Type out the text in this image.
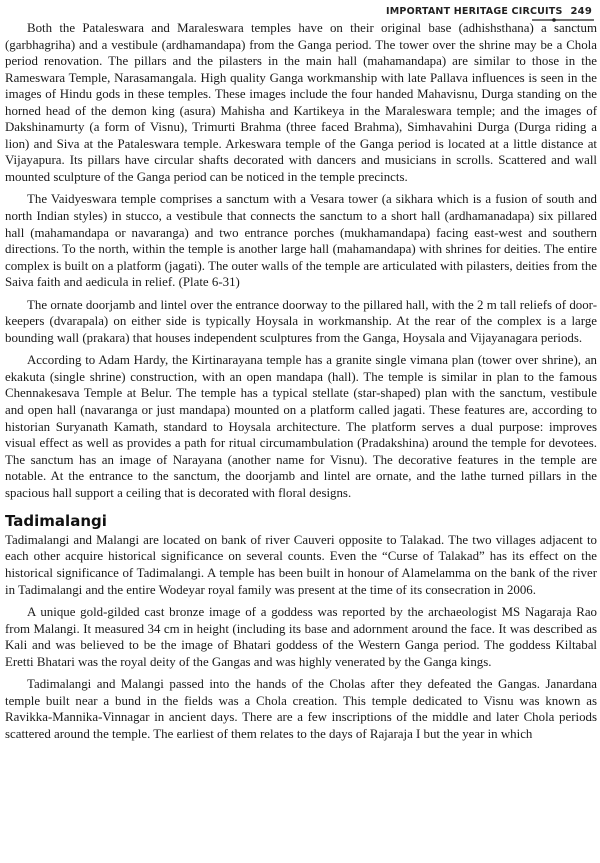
IMPORTANT HERITAGE CIRCUITS 249

Both the Pataleswara and Maraleswara temples have on their original base (adhishsthana) a sanctum (garbhagriha) and a vestibule (ardhamandapa) from the Ganga period. The tower over the shrine may be a Chola period renovation. The pillars and the pilasters in the main hall (mahamandapa) are similar to those in the Rameswara Temple, Narasamangala. High quality Ganga workmanship with late Pallava influences is seen in the images of Hindu gods in these temples. These images include the four handed Mahavisnu, Durga standing on the horned head of the demon king (asura) Mahisha and Kartikeya in the Maraleswara temple; and the images of Dakshinamurty (a form of Visnu), Trimurti Brahma (three faced Brahma), Simhavahini Durga (Durga riding a lion) and Siva at the Pataleswara temple. Arkeswara temple of the Ganga period is located at a little distance at Vijayapura. Its pillars have circular shafts decorated with dancers and musicians in scrolls. Scattered and wall mounted sculpture of the Ganga period can be noticed in the temple precincts.

The Vaidyeswara temple comprises a sanctum with a Vesara tower (a sikhara which is a fusion of south and north Indian styles) in stucco, a vestibule that connects the sanctum to a short hall (ardhamanadapa) six pillared hall (mahamandapa or navaranga) and two entrance porches (mukhamandapa) facing east-west and southern directions. To the north, within the temple is another large hall (mahamandapa) with shrines for deities. The entire complex is built on a platform (jagati). The outer walls of the temple are articulated with pilasters, deities from the Saiva faith and aedicula in relief. (Plate 6-31)

The ornate doorjamb and lintel over the entrance doorway to the pillared hall, with the 2 m tall reliefs of door-keepers (dvarapala) on either side is typically Hoysala in workmanship. At the rear of the complex is a large bounding wall (prakara) that houses independent sculptures from the Ganga, Hoysala and Vijayanagara periods.

According to Adam Hardy, the Kirtinarayana temple has a granite single vimana plan (tower over shrine), an ekakuta (single shrine) construction, with an open mandapa (hall). The temple is similar in plan to the famous Chennakesava Temple at Belur. The temple has a typical stellate (star-shaped) plan with the sanctum, vestibule and open hall (navaranga or just mandapa) mounted on a platform called jagati. These features are, according to historian Suryanath Kamath, standard to Hoysala architecture. The platform serves a dual purpose: improves visual effect as well as provides a path for ritual circumambulation (Pradakshina) around the temple for devotees. The sanctum has an image of Narayana (another name for Visnu). The decorative features in the temple are notable. At the entrance to the sanctum, the doorjamb and lintel are ornate, and the lathe turned pillars in the spacious hall support a ceiling that is decorated with floral designs.

Tadimalangi

Tadimalangi and Malangi are located on bank of river Cauveri opposite to Talakad. The two villages adjacent to each other acquire historical significance on several counts. Even the “Curse of Talakad” has its effect on the historical significance of Tadimalangi. A temple has been built in honour of Alamelamma on the bank of the river in Tadimalangi and the entire Wodeyar royal family was present at the time of its consecration in 2006.

A unique gold-gilded cast bronze image of a goddess was reported by the archaeologist MS Nagaraja Rao from Malangi. It measured 34 cm in height (including its base and adornment around the face. It was described as Kali and was believed to be the image of Bhatari goddess of the Western Ganga period. The goddess Kiltabal Eretti Bhatari was the royal deity of the Gangas and was highly venerated by the Ganga kings.

Tadimalangi and Malangi passed into the hands of the Cholas after they defeated the Gangas. Janardana temple built near a bund in the fields was a Chola creation. This temple dedicated to Visnu was known as Ravikka-Mannika-Vinnagar in ancient days. There are a few inscriptions of the middle and later Chola periods scattered around the temple. The earliest of them relates to the days of Rajaraja I but the year in which
